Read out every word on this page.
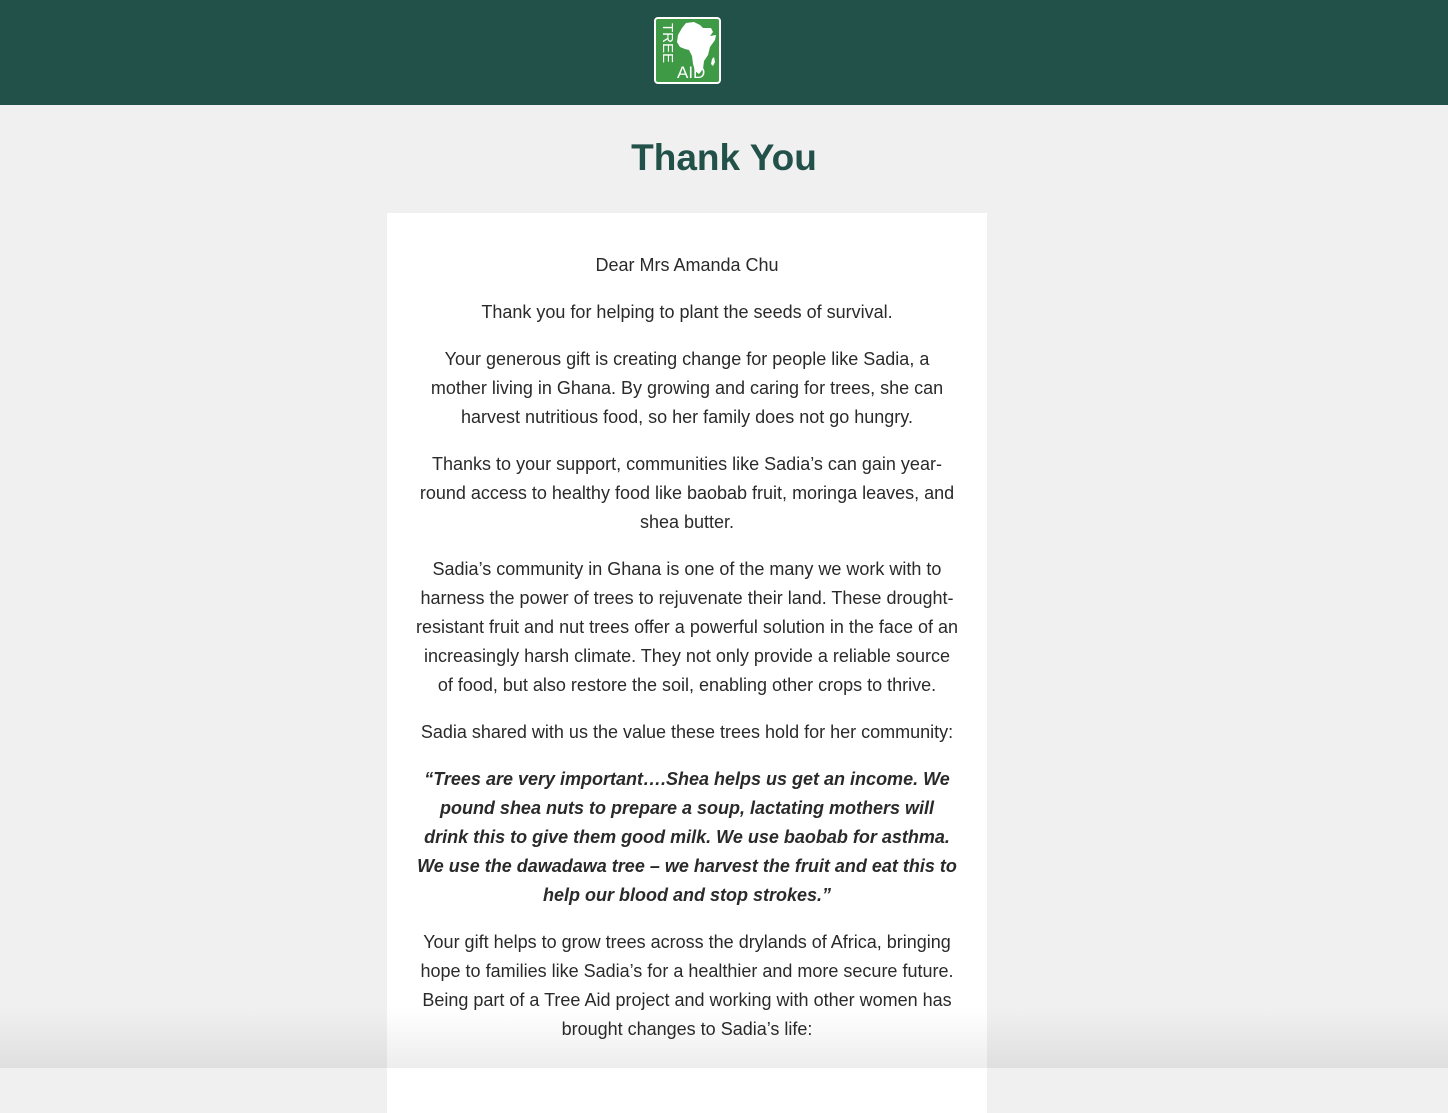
TREE
AID
Thank You

Dear Mrs Amanda Chu

Thank you for helping to plant the seeds of survival.

Your generous gift is creating change for people like Sadia, a mother living in Ghana. By growing and caring for trees, she can harvest nutritious food, so her family does not go hungry.

Thanks to your support, communities like Sadia’s can gain year-round access to healthy food like baobab fruit, moringa leaves, and shea butter.

Sadia’s community in Ghana is one of the many we work with to harness the power of trees to rejuvenate their land. These drought-resistant fruit and nut trees offer a powerful solution in the face of an increasingly harsh climate. They not only provide a reliable source of food, but also restore the soil, enabling other crops to thrive.

Sadia shared with us the value these trees hold for her community:

“Trees are very important….Shea helps us get an income. We pound shea nuts to prepare a soup, lactating mothers will drink this to give them good milk. We use baobab for asthma. We use the dawadawa tree – we harvest the fruit and eat this to help our blood and stop strokes.”

Your gift helps to grow trees across the drylands of Africa, bringing hope to families like Sadia’s for a healthier and more secure future. Being part of a Tree Aid project and working with other women has brought changes to Sadia’s life:
